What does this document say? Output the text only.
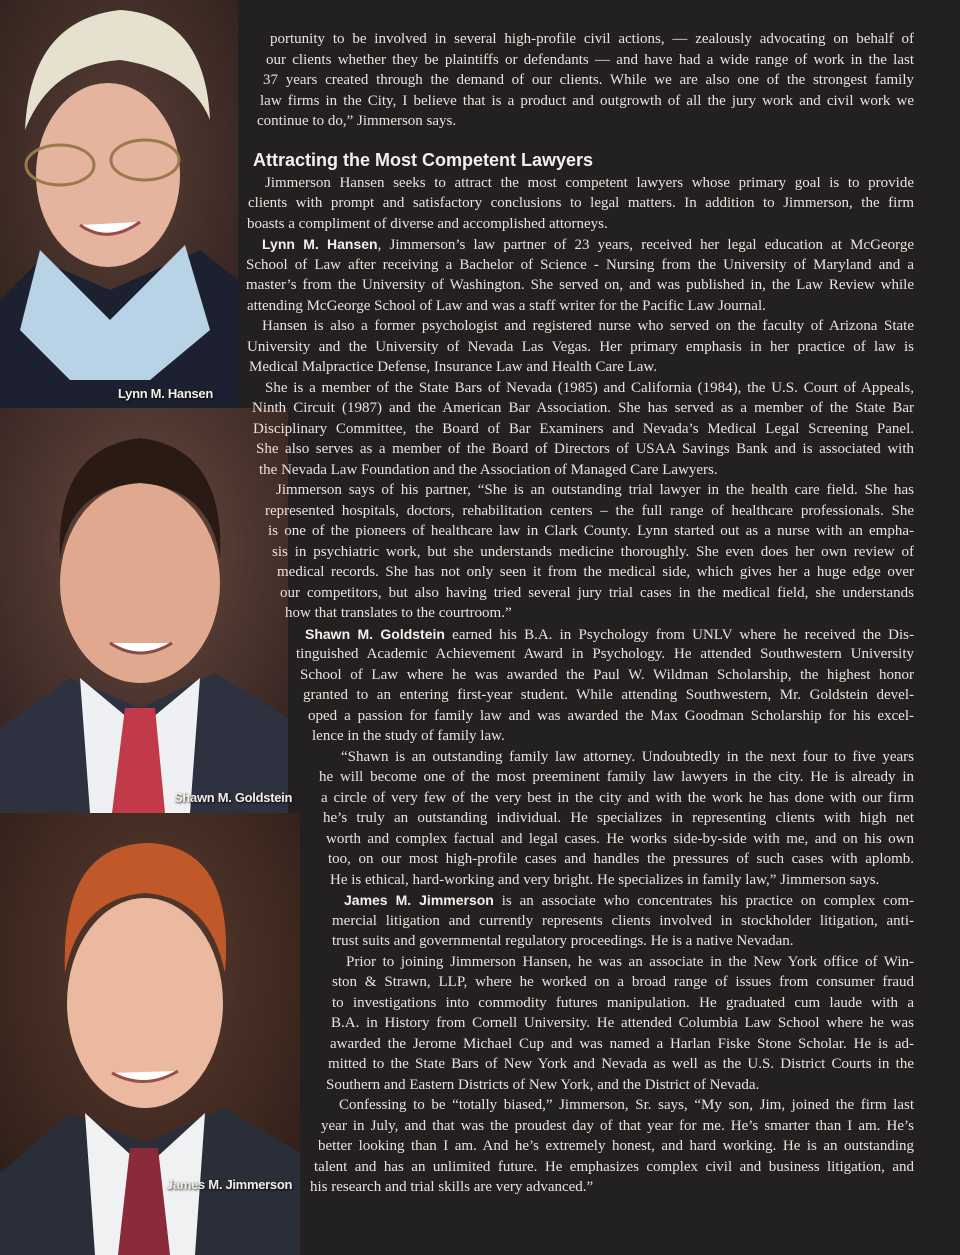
Lynn M. Hansen
Shawn M. Goldstein
James M. Jimmerson
portunity to be involved in several high-profile civil actions, — zealously advocating on behalf of
our clients whether they be plaintiffs or defendants — and have had a wide range of work in the last
37 years created through the demand of our clients. While we are also one of the strongest family
law firms in the City, I believe that is a product and outgrowth of all the jury work and civil work we
continue to do,” Jimmerson says.
Attracting the Most Competent Lawyers
Jimmerson Hansen seeks to attract the most competent lawyers whose primary goal is to provide
clients with prompt and satisfactory conclusions to legal matters. In addition to Jimmerson, the firm
boasts a compliment of diverse and accomplished attorneys.
Lynn M. Hansen, Jimmerson’s law partner of 23 years, received her legal education at McGeorge
School of Law after receiving a Bachelor of Science - Nursing from the University of Maryland and a
master’s from the University of Washington. She served on, and was published in, the Law Review while
attending McGeorge School of Law and was a staff writer for the Pacific Law Journal.
Hansen is also a former psychologist and registered nurse who served on the faculty of Arizona State
University and the University of Nevada Las Vegas. Her primary emphasis in her practice of law is
Medical Malpractice Defense, Insurance Law and Health Care Law.
She is a member of the State Bars of Nevada (1985) and California (1984), the U.S. Court of Appeals,
Ninth Circuit (1987) and the American Bar Association. She has served as a member of the State Bar
Disciplinary Committee, the Board of Bar Examiners and Nevada’s Medical Legal Screening Panel.
She also serves as a member of the Board of Directors of USAA Savings Bank and is associated with
the Nevada Law Foundation and the Association of Managed Care Lawyers.
Jimmerson says of his partner, “She is an outstanding trial lawyer in the health care field. She has
represented hospitals, doctors, rehabilitation centers – the full range of healthcare professionals. She
is one of the pioneers of healthcare law in Clark County. Lynn started out as a nurse with an empha-
sis in psychiatric work, but she understands medicine thoroughly. She even does her own review of
medical records. She has not only seen it from the medical side, which gives her a huge edge over
our competitors, but also having tried several jury trial cases in the medical field, she understands
how that translates to the courtroom.”
Shawn M. Goldstein earned his B.A. in Psychology from UNLV where he received the Dis-
tinguished Academic Achievement Award in Psychology. He attended Southwestern University
School of Law where he was awarded the Paul W. Wildman Scholarship, the highest honor
granted to an entering first-year student. While attending Southwestern, Mr. Goldstein devel-
oped a passion for family law and was awarded the Max Goodman Scholarship for his excel-
lence in the study of family law.
“Shawn is an outstanding family law attorney. Undoubtedly in the next four to five years
he will become one of the most preeminent family law lawyers in the city. He is already in
a circle of very few of the very best in the city and with the work he has done with our firm
he’s truly an outstanding individual. He specializes in representing clients with high net
worth and complex factual and legal cases. He works side-by-side with me, and on his own
too, on our most high-profile cases and handles the pressures of such cases with aplomb.
He is ethical, hard-working and very bright. He specializes in family law,” Jimmerson says.
James M. Jimmerson is an associate who concentrates his practice on complex com-
mercial litigation and currently represents clients involved in stockholder litigation, anti-
trust suits and governmental regulatory proceedings. He is a native Nevadan.
Prior to joining Jimmerson Hansen, he was an associate in the New York office of Win-
ston & Strawn, LLP, where he worked on a broad range of issues from consumer fraud
to investigations into commodity futures manipulation. He graduated cum laude with a
B.A. in History from Cornell University. He attended Columbia Law School where he was
awarded the Jerome Michael Cup and was named a Harlan Fiske Stone Scholar. He is ad-
mitted to the State Bars of New York and Nevada as well as the U.S. District Courts in the
Southern and Eastern Districts of New York, and the District of Nevada.
Confessing to be “totally biased,” Jimmerson, Sr. says, “My son, Jim, joined the firm last
year in July, and that was the proudest day of that year for me. He’s smarter than I am. He’s
better looking than I am. And he’s extremely honest, and hard working. He is an outstanding
talent and has an unlimited future. He emphasizes complex civil and business litigation, and
his research and trial skills are very advanced.”
